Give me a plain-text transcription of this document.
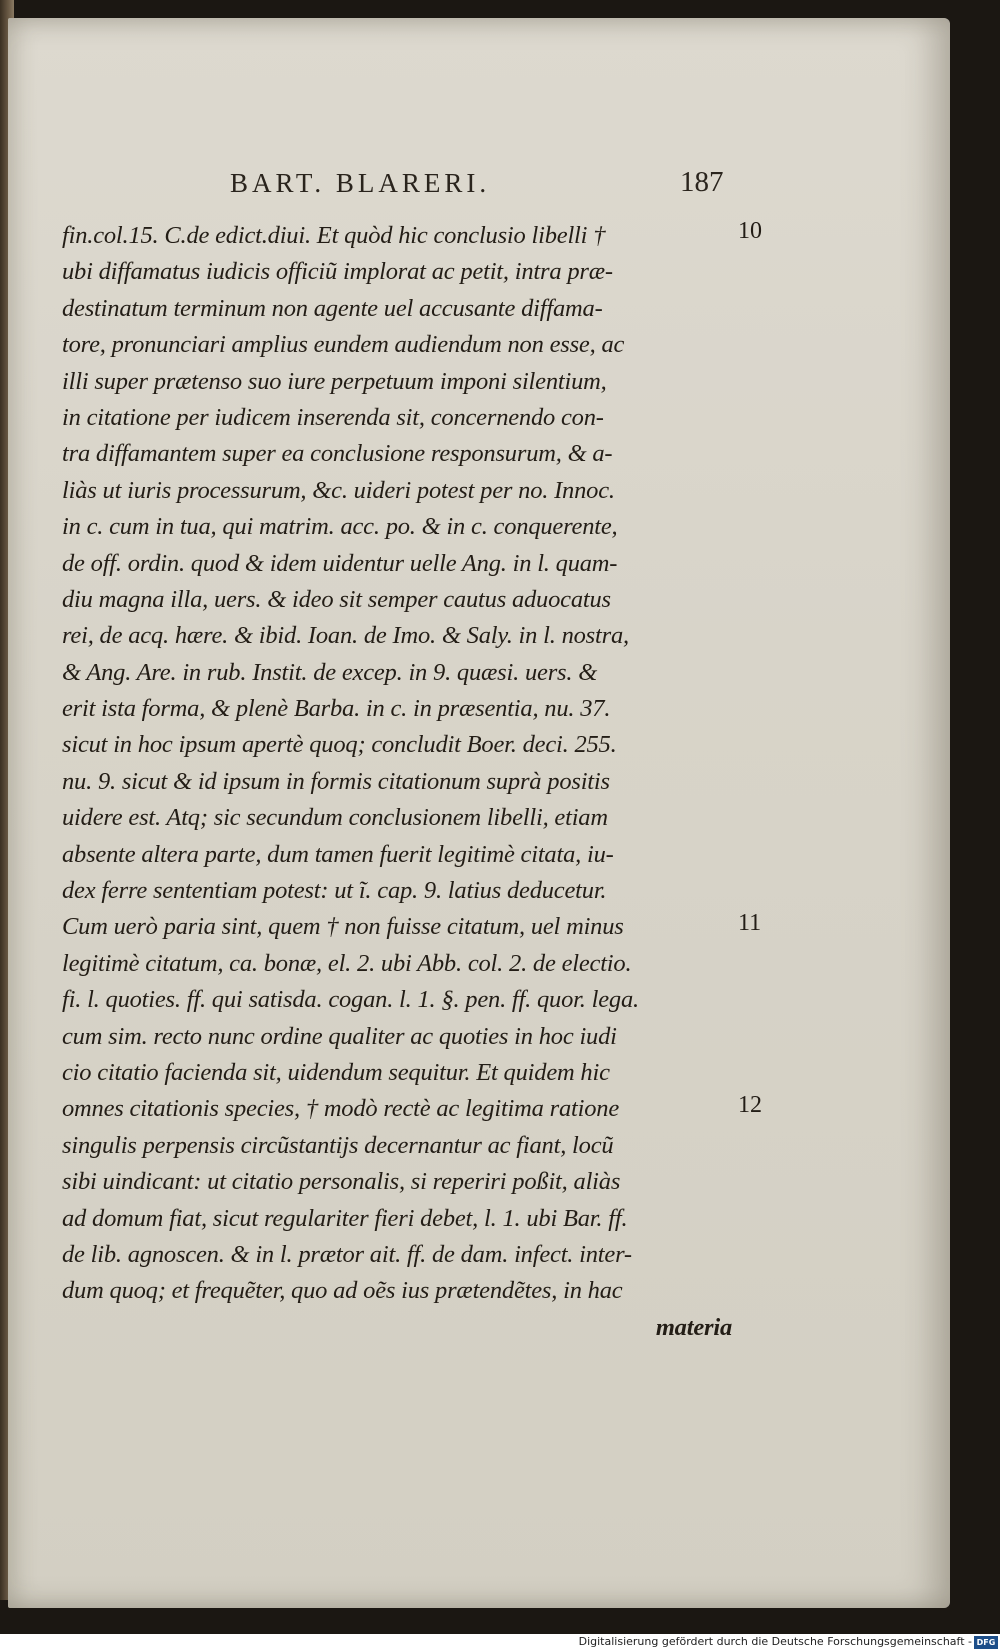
BART. BLARERI.	187
fin.col.15. C.de edict.diui. Et quòd hic conclusio libelli †
ubi diffamatus iudicis officiũ implorat ac petit, intra præ-
destinatum terminum non agente uel accusante diffama-
tore, pronunciari amplius eundem audiendum non esse, ac
illi super prætenso suo iure perpetuum imponi silentium,
in citatione per iudicem inserenda sit, concernendo con-
tra diffamantem super ea conclusione responsurum, & a-
liàs ut iuris processurum, &c. uideri potest per no. Innoc.
in c. cum in tua, qui matrim. acc. po. & in c. conquerente,
de off. ordin. quod & idem uidentur uelle Ang. in l. quam-
diu magna illa, uers. & ideo sit semper cautus aduocatus
rei, de acq. hære. & ibid. Ioan. de Imo. & Saly. in l. nostra,
& Ang. Are. in rub. Instit. de excep. in 9. quæsi. uers. &
erit ista forma, & plenè Barba. in c. in præsentia, nu. 37.
sicut in hoc ipsum apertè quoq; concludit Boer. deci. 255.
nu. 9. sicut & id ipsum in formis citationum suprà positis
uidere est. Atq; sic secundum conclusionem libelli, etiam
absente altera parte, dum tamen fuerit legitimè citata, iu-
dex ferre sententiam potest: ut ĩ. cap. 9. latius deducetur.
Cum uerò paria sint, quem † non fuisse citatum, uel minus
legitimè citatum, ca. bonæ, el. 2. ubi Abb. col. 2. de electio.
fi. l. quoties. ff. qui satisda. cogan. l. 1. §. pen. ff. quor. lega.
cum sim. recto nunc ordine qualiter ac quoties in hoc iudi
cio citatio facienda sit, uidendum sequitur. Et quidem hic
omnes citationis species, † modò rectè ac legitima ratione
singulis perpensis circũstantijs decernantur ac fiant, locũ
sibi uindicant: ut citatio personalis, si reperiri poßit, aliàs
ad domum fiat, sicut regulariter fieri debet, l. 1. ubi Bar. ff.
de lib. agnoscen. & in l. prætor ait. ff. de dam. infect. inter-
dum quoq; et frequẽter, quo ad oẽs ius prætendẽtes, in hac
materia
10
11
12
Digitalisierung gefördert durch die Deutsche Forschungsgemeinschaft - DFG
